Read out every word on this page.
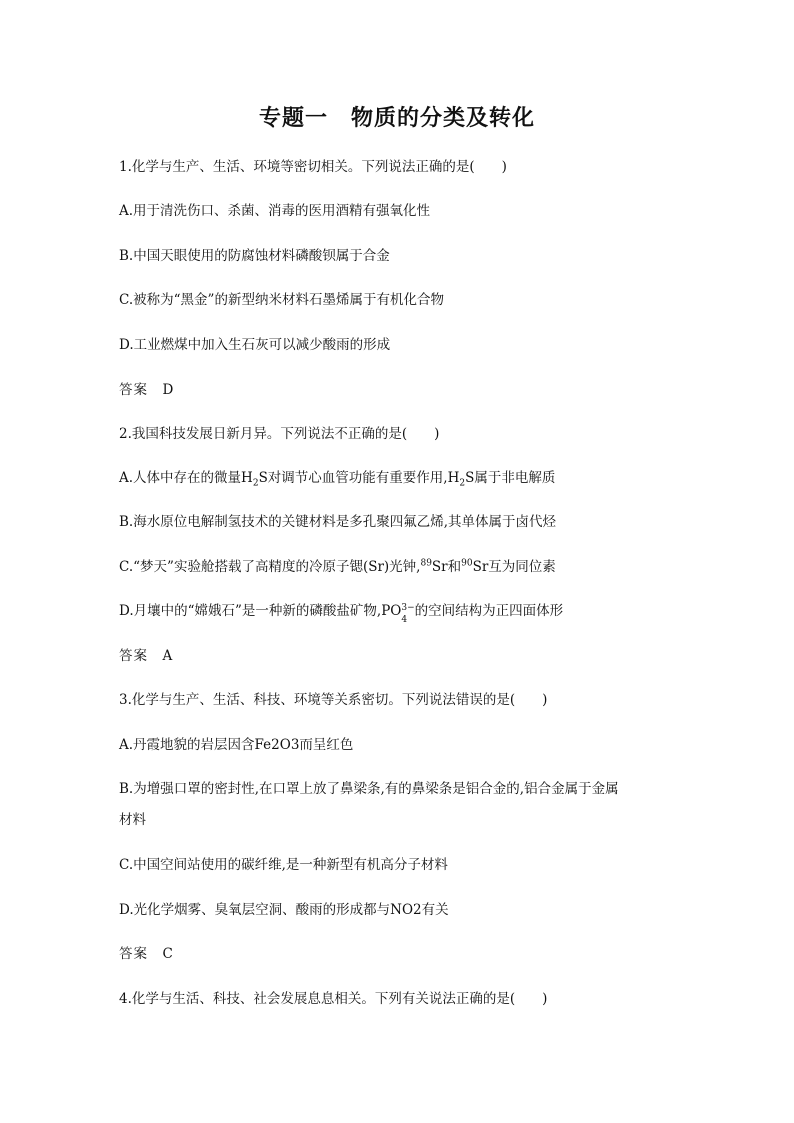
专题一　物质的分类及转化
1.化学与生产、生活、环境等密切相关。下列说法正确的是(　　)
A.用于清洗伤口、杀菌、消毒的医用酒精有强氧化性
B.中国天眼使用的防腐蚀材料磷酸钡属于合金
C.被称为“黑金”的新型纳米材料石墨烯属于有机化合物
D.工业燃煤中加入生石灰可以减少酸雨的形成
答案　D
2.我国科技发展日新月异。下列说法不正确的是(　　)
A.人体中存在的微量$H_2S$对调节心血管功能有重要作用$,H_2S$属于非电解质
B.海水原位电解制氢技术的关键材料是多孔聚四氟乙烯,其单体属于卤代烃
C.“梦天”实验舱搭载了高精度的冷原子锶(Sr)光钟,$^{89}$Sr和$^{90}$Sr互为同位素
D.月壤中的“嫦娥石”是一种新的磷酸盐矿物$,PO^{3-}$
4
的空间结构为正四面体形
答案　A
3.化学与生产、生活、科技、环境等关系密切。下列说法错误的是(　　)
A.丹霞地貌的岩层因含Fe2O3而呈红色
B.为增强口罩的密封性,在口罩上放了鼻梁条,有的鼻梁条是铝合金的,铝合金属于金属
材料
C.中国空间站使用的碳纤维,是一种新型有机高分子材料
D.光化学烟雾、臭氧层空洞、酸雨的形成都与NO2有关
答案　C
4.化学与生活、科技、社会发展息息相关。下列有关说法正确的是(　　)
